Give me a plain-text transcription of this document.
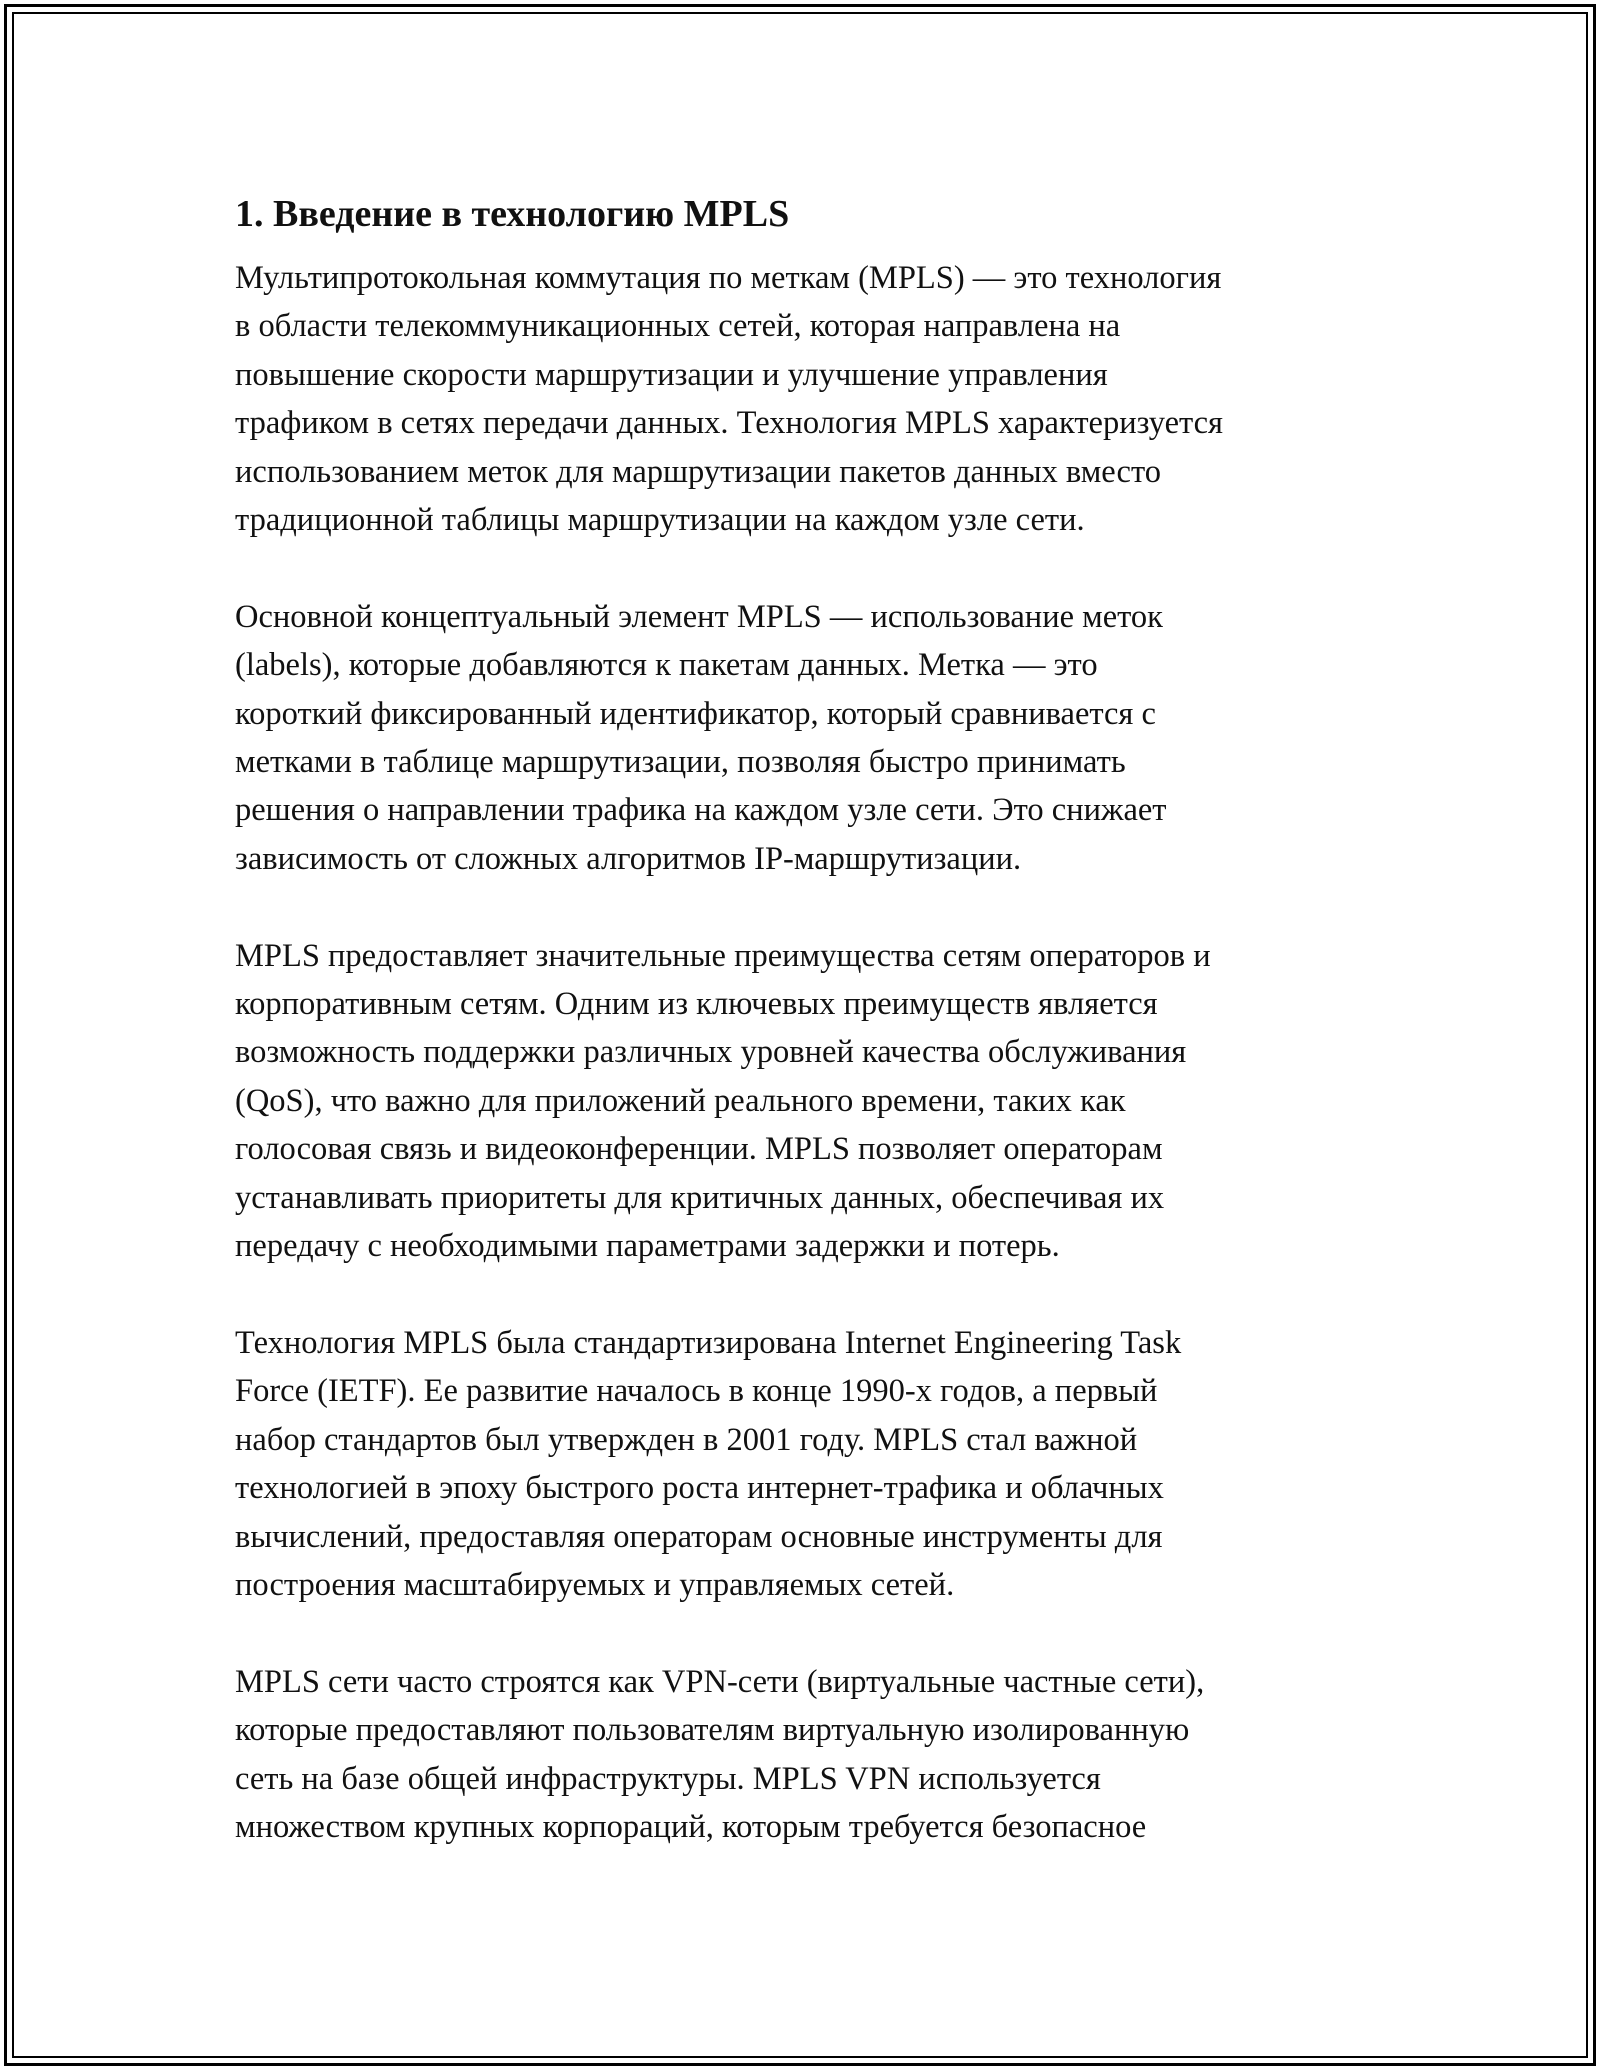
1. Введение в технологию MPLS
Мультипротокольная коммутация по меткам (MPLS) — это технология
в области телекоммуникационных сетей, которая направлена на
повышение скорости маршрутизации и улучшение управления
трафиком в сетях передачи данных. Технология MPLS характеризуется
использованием меток для маршрутизации пакетов данных вместо
традиционной таблицы маршрутизации на каждом узле сети.
Основной концептуальный элемент MPLS — использование меток
(labels), которые добавляются к пакетам данных. Метка — это
короткий фиксированный идентификатор, который сравнивается с
метками в таблице маршрутизации, позволяя быстро принимать
решения о направлении трафика на каждом узле сети. Это снижает
зависимость от сложных алгоритмов IP-маршрутизации.
MPLS предоставляет значительные преимущества сетям операторов и
корпоративным сетям. Одним из ключевых преимуществ является
возможность поддержки различных уровней качества обслуживания
(QoS), что важно для приложений реального времени, таких как
голосовая связь и видеоконференции. MPLS позволяет операторам
устанавливать приоритеты для критичных данных, обеспечивая их
передачу с необходимыми параметрами задержки и потерь.
Технология MPLS была стандартизирована Internet Engineering Task
Force (IETF). Ее развитие началось в конце 1990-х годов, а первый
набор стандартов был утвержден в 2001 году. MPLS стал важной
технологией в эпоху быстрого роста интернет-трафика и облачных
вычислений, предоставляя операторам основные инструменты для
построения масштабируемых и управляемых сетей.
MPLS сети часто строятся как VPN-сети (виртуальные частные сети),
которые предоставляют пользователям виртуальную изолированную
сеть на базе общей инфраструктуры. MPLS VPN используется
множеством крупных корпораций, которым требуется безопасное
